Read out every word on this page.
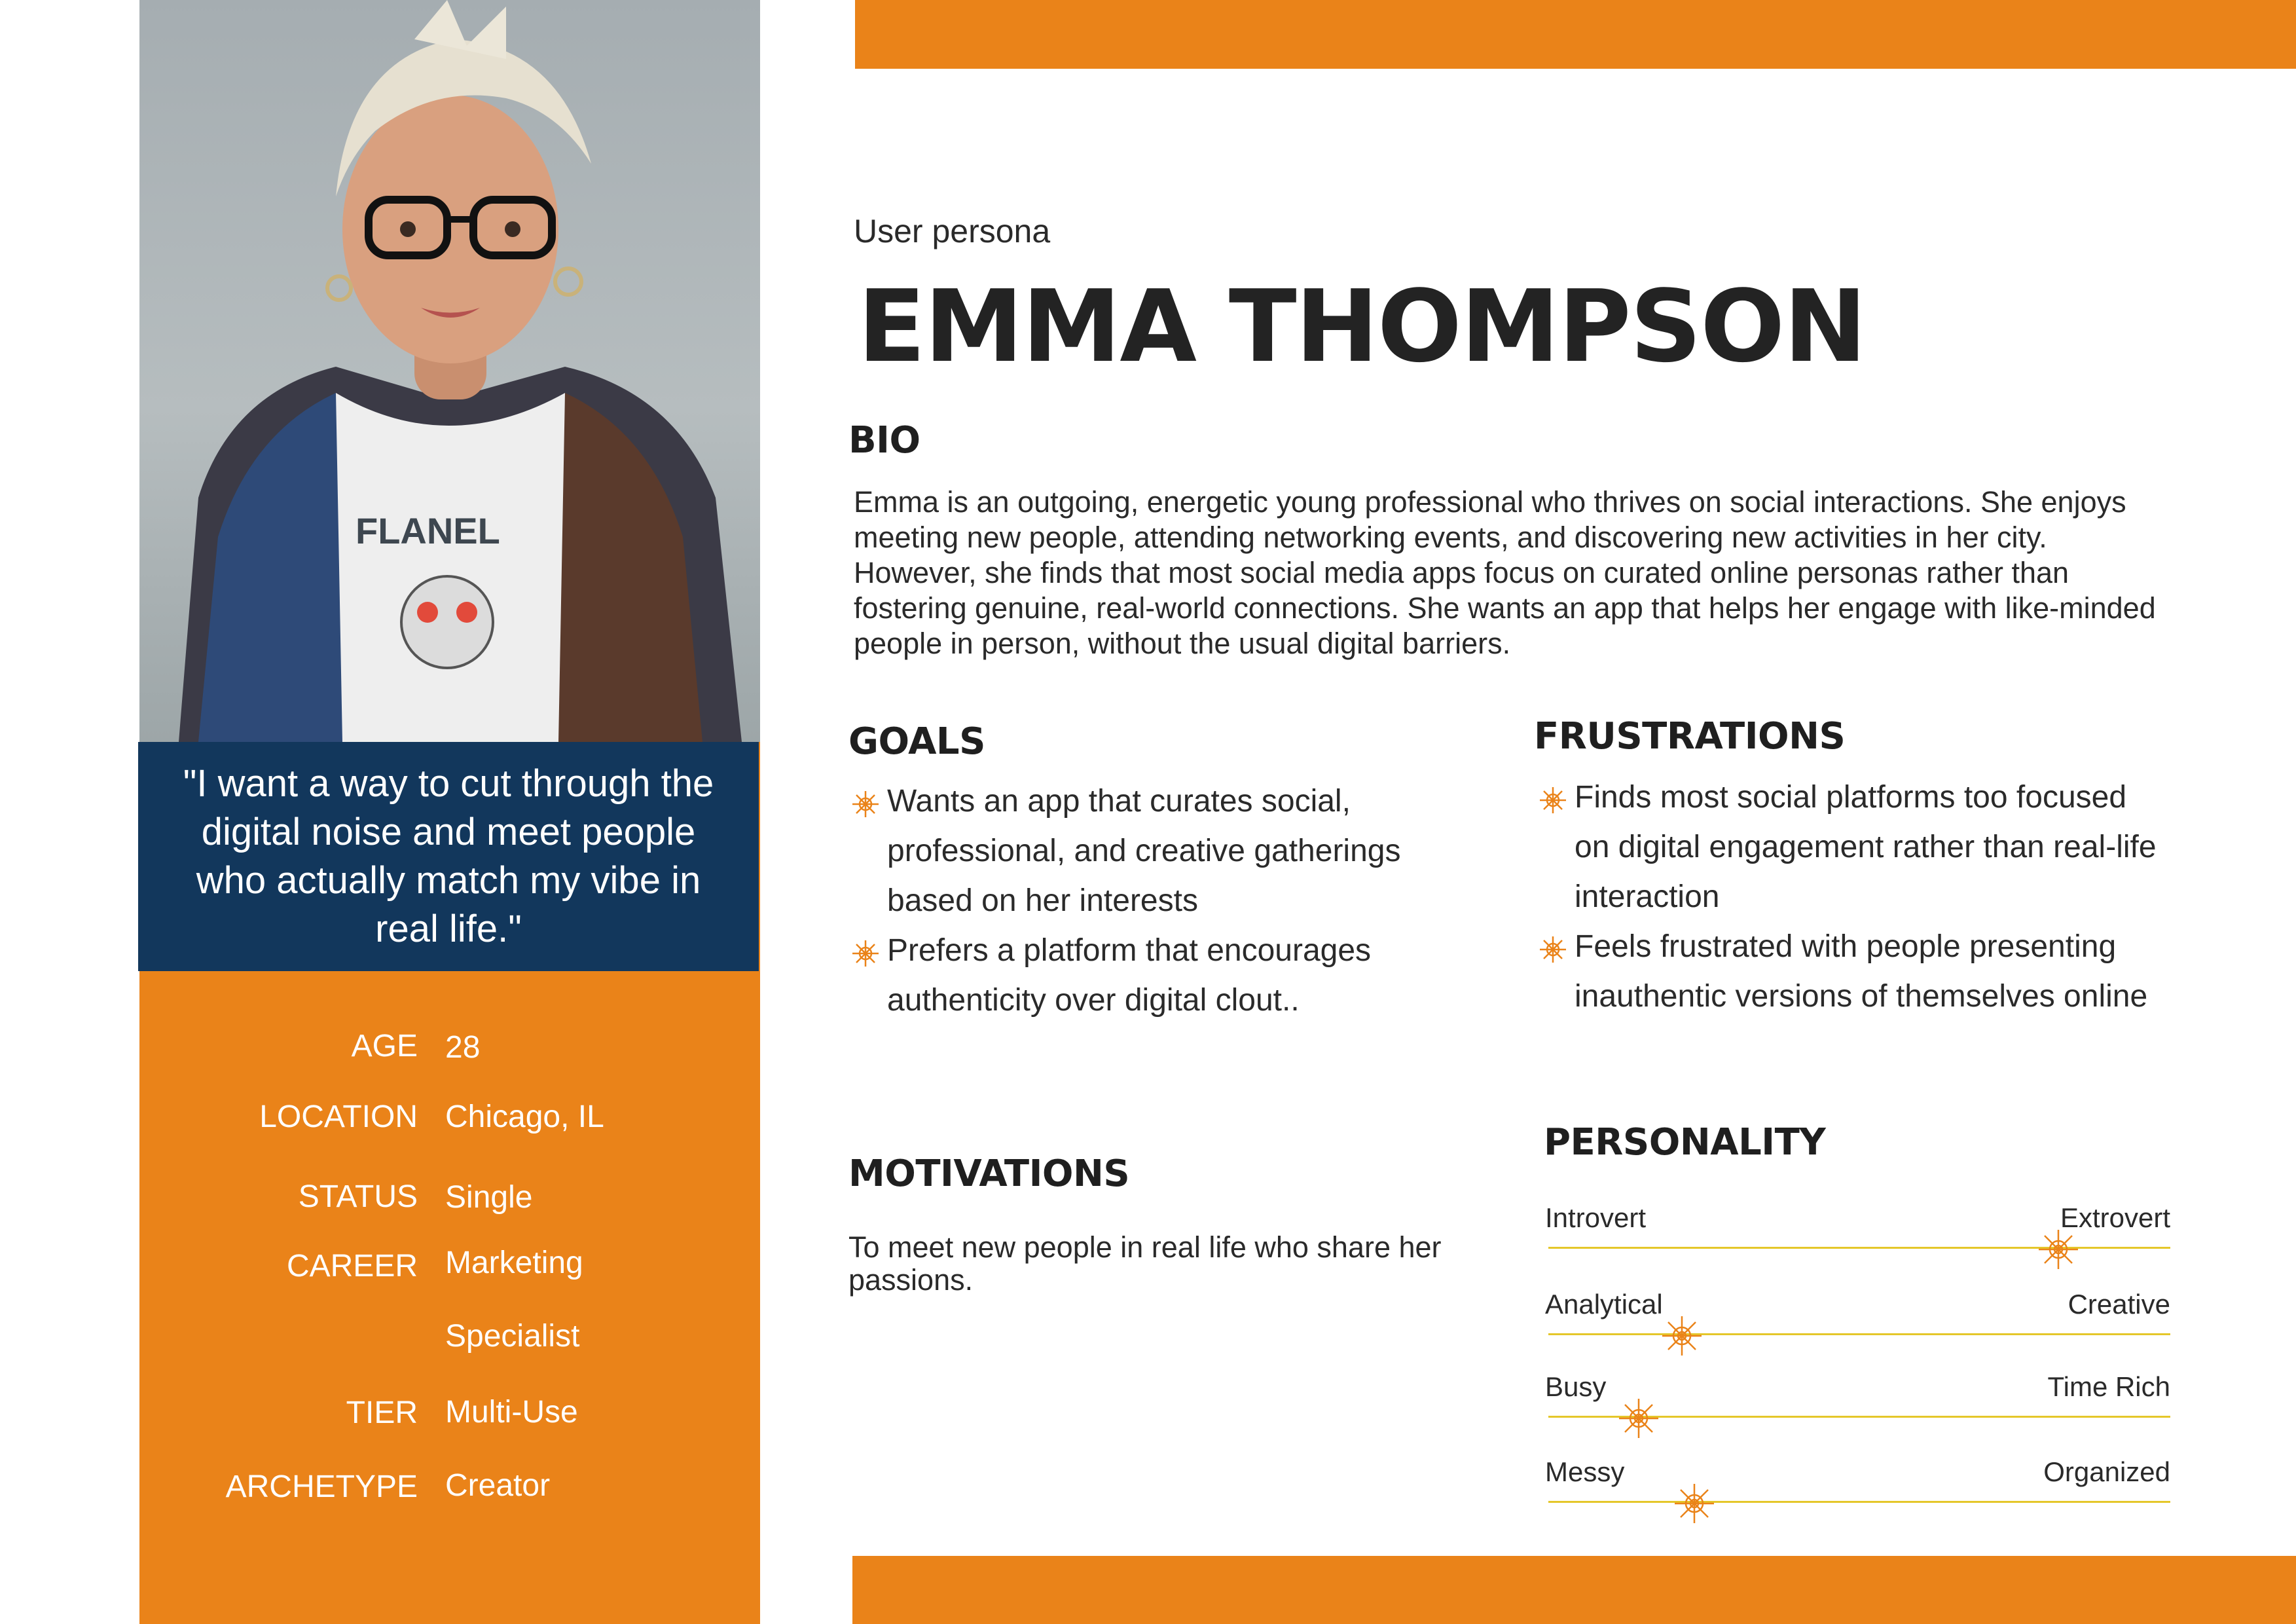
FLANEL
"I want a way to cut through the
digital noise and meet people
who actually match my vibe in
real life."
AGE 28
LOCATION Chicago, IL
STATUS Single
CAREER Marketing
Specialist
TIER Multi-Use
ARCHETYPE Creator
User persona
EMMA THOMPSON
BIO
Emma is an outgoing, energetic young professional who thrives on social interactions. She enjoys meeting new people, attending networking events, and discovering new activities in her city. However, she finds that most social media apps focus on curated online personas rather than fostering genuine, real-world connections. She wants an app that helps her engage with like-minded people in person, without the usual digital barriers.
GOALS
Wants an app that curates social, professional, and creative gatherings based on her interests
Prefers a platform that encourages authenticity over digital clout..
FRUSTRATIONS
Finds most social platforms too focused on digital engagement rather than real-life interaction
Feels frustrated with people presenting inauthentic versions of themselves online
MOTIVATIONS
To meet new people in real life who share her passions.
PERSONALITY
Introvert	Extrovert
Analytical	Creative
Busy	Time Rich
Messy	Organized
